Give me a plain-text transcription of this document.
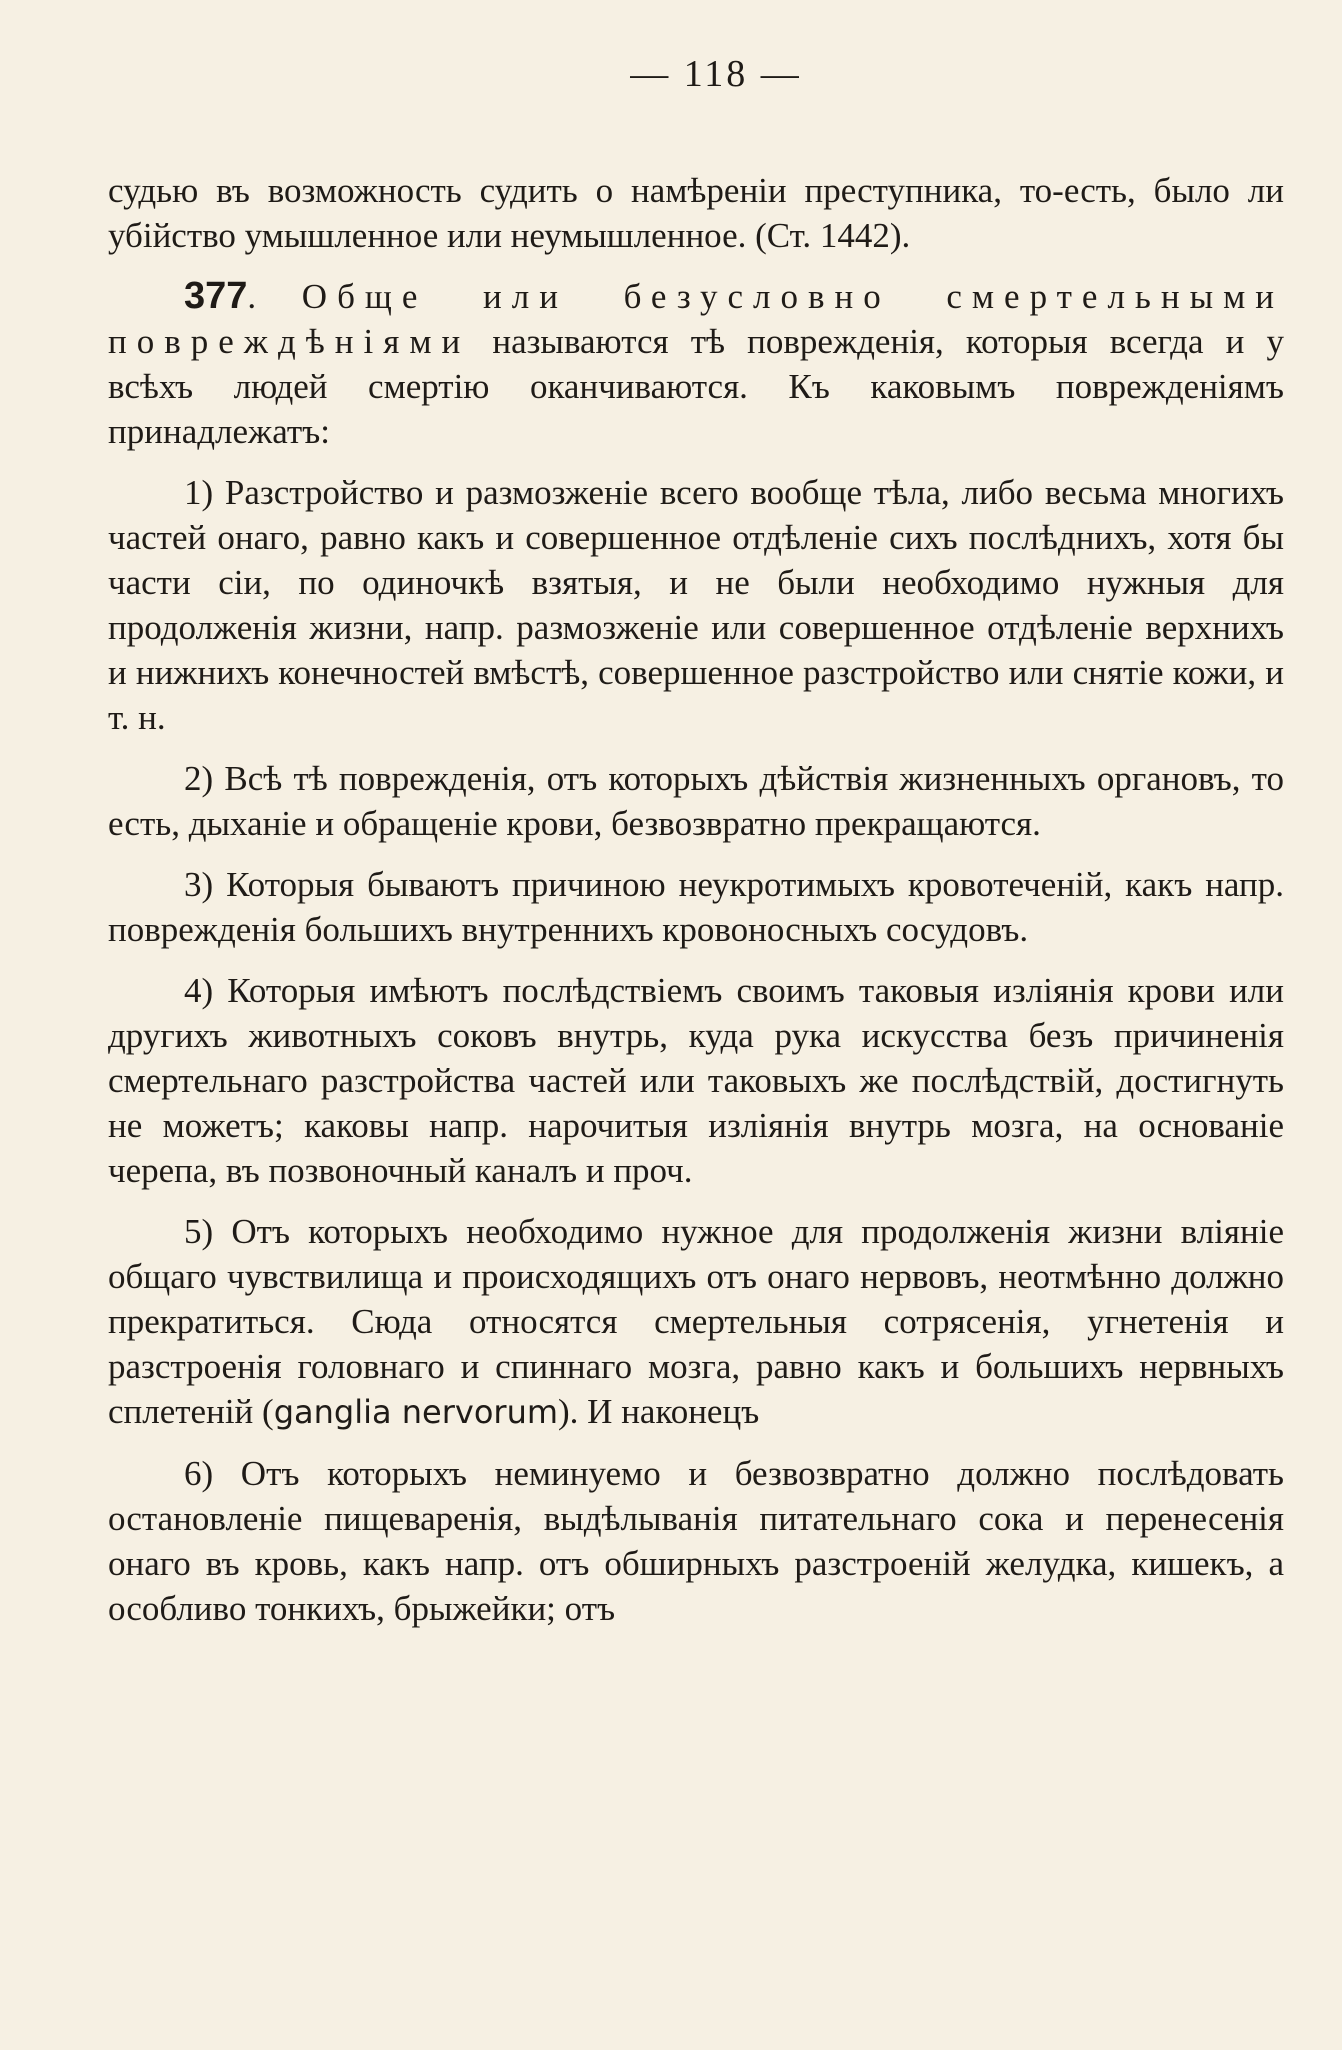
— 118 —

судью въ возможность судить о намѣреніи преступника, то-есть, было ли убійство умышленное или неумышленное. (Ст. 1442).

377. Обще или безусловно смертельными повреждѣніями называются тѣ поврежденія, которыя всегда и у всѣхъ людей смертію оканчиваются. Къ каковымъ поврежденіямъ принадлежатъ:

1) Разстройство и размозженіе всего вообще тѣла, либо весьма многихъ частей онаго, равно какъ и совершенное отдѣленіе сихъ послѣднихъ, хотя бы части сіи, по одиночкѣ взятыя, и не были необходимо нужныя для продолженія жизни, напр. размозженіе или совершенное отдѣленіе верхнихъ и нижнихъ конечностей вмѣстѣ, совершенное разстройство или снятіе кожи, и т. н.

2) Всѣ тѣ поврежденія, отъ которыхъ дѣйствія жизненныхъ органовъ, то есть, дыханіе и обращеніе крови, безвозвратно прекращаются.

3) Которыя бываютъ причиною неукротимыхъ кровотеченій, какъ напр. поврежденія большихъ внутреннихъ кровоносныхъ сосудовъ.

4) Которыя имѣютъ послѣдствіемъ своимъ таковыя изліянія крови или другихъ животныхъ соковъ внутрь, куда рука искусства безъ причиненія смертельнаго разстройства частей или таковыхъ же послѣдствій, достигнуть не можетъ; каковы напр. нарочитыя изліянія внутрь мозга, на основаніе черепа, въ позвоночный каналъ и проч.

5) Отъ которыхъ необходимо нужное для продолженія жизни вліяніе общаго чувствилища и происходящихъ отъ онаго нервовъ, неотмѣнно должно прекратиться. Сюда относятся смертельныя сотрясенія, угнетенія и разстроенія головнаго и спиннаго мозга, равно какъ и большихъ нервныхъ сплетеній (gangliа nervorum). И наконецъ

6) Отъ которыхъ неминуемо и безвозвратно должно послѣдовать остановленіе пищеваренія, выдѣлыванія питательнаго сока и перенесенія онаго въ кровь, какъ напр. отъ обширныхъ разстроеній желудка, кишекъ, а особливо тонкихъ, брыжейки; отъ
